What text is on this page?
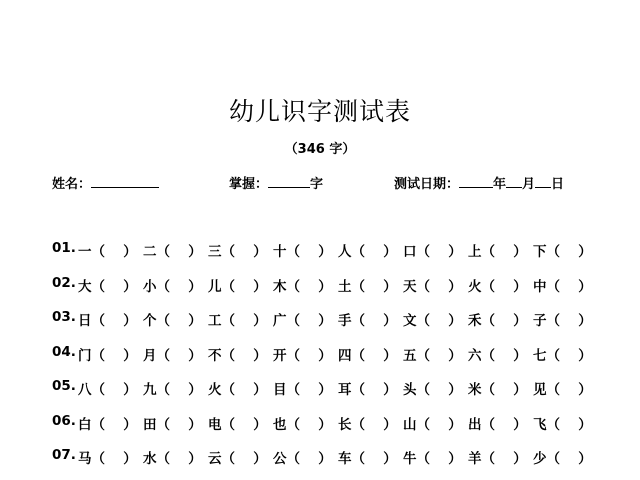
幼儿识字测试表
（346 字）
姓名：	掌握：	字	测试日期：	年 月 日
01. 一（　 ） 二（　 ） 三（　 ） 十（　 ） 人（　 ） 口（　 ） 上（　 ） 下（　 ）
02. 大（　 ） 小（　 ） 儿（　 ） 木（　 ） 土（　 ） 天（　 ） 火（　 ） 中（　 ）
03. 日（　 ） 个（　 ） 工（　 ） 广（　 ） 手（　 ） 文（　 ） 禾（　 ） 子（　 ）
04. 门（　 ） 月（　 ） 不（　 ） 开（　 ） 四（　 ） 五（　 ） 六（　 ） 七（　 ）
05. 八（　 ） 九（　 ） 火（　 ） 目（　 ） 耳（　 ） 头（　 ） 米（　 ） 见（　 ）
06. 白（　 ） 田（　 ） 电（　 ） 也（　 ） 长（　 ） 山（　 ） 出（　 ） 飞（　 ）
07. 马（　 ） 水（　 ） 云（　 ） 公（　 ） 车（　 ） 牛（　 ） 羊（　 ） 少（　 ）
